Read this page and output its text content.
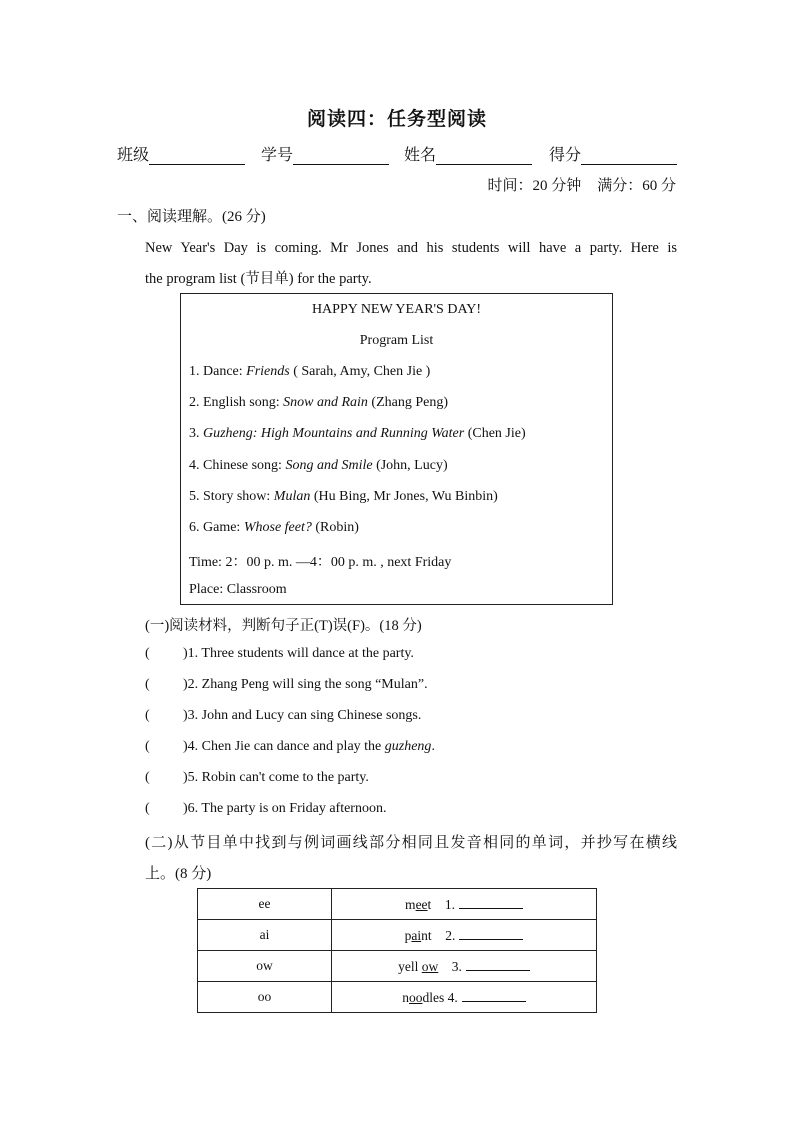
阅读四：任务型阅读
班级	学号	姓名	得分
时间：20 分钟 满分：60 分
一、阅读理解。(26 分)
New Year's Day is coming. Mr Jones and his students will have a party. Here is
the program list (节目单) for the party.
HAPPY NEW YEAR'S DAY!
Program List
1. Dance: Friends ( Sarah, Amy, Chen Jie )
2. English song: Snow and Rain (Zhang Peng)
3. Guzheng: High Mountains and Running Water (Chen Jie)
4. Chinese song: Song and Smile (John, Lucy)
5. Story show: Mulan (Hu Bing, Mr Jones, Wu Binbin)
6. Game: Whose feet? (Robin)
Time: 2：00 p. m. —4：00 p. m. , next Friday
Place: Classroom
(一)阅读材料，判断句子正(T)误(F)。(18 分)
( )1. Three students will dance at the party.
( )2. Zhang Peng will sing the song “Mulan”.
( )3. John and Lucy can sing Chinese songs.
( )4. Chen Jie can dance and play the guzheng.
( )5. Robin can't come to the party.
( )6. The party is on Friday afternoon.
(二)从节目单中找到与例词画线部分相同且发音相同的单词，并抄写在横线
上。(8 分)
ee	meet 1.
ai	paint 2.
ow	yell ow 3.
oo	noodles 4.
